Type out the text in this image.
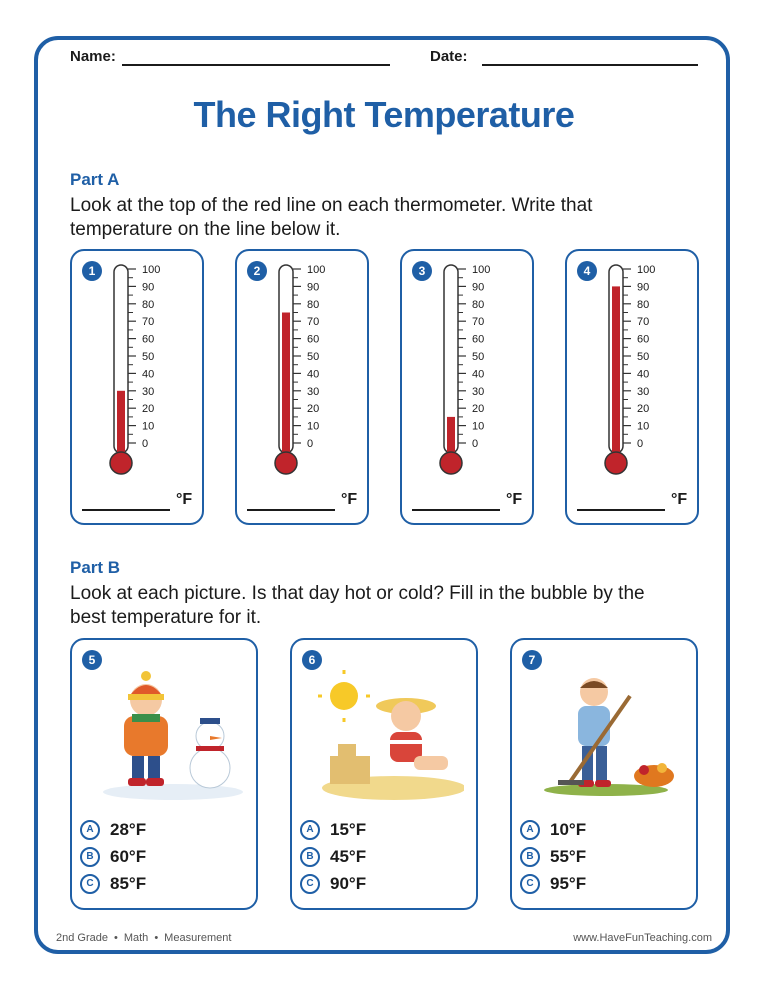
Name:	Date:
The Right Temperature
Part A
Look at the top of the red line on each thermometer. Write that
temperature on the line below it.
1	100
90
80
70
60
50
40
30
20
10
0
°F
2	100
90
80
70
60
50
40
30
20
10
0
°F
3	100
90
80
70
60
50
40
30
20
10
0
°F
4	100
90
80
70
60
50
40
30
20
10
0
°F
Part B
Look at each picture. Is that day hot or cold? Fill in the bubble by the
best temperature for it.
5
A 28°F
B 60°F
C 85°F
6
A 15°F
B 45°F
C 90°F
7
A 10°F
B 55°F
C 95°F
2nd Grade • Math • Measurement	www.HaveFunTeaching.com
